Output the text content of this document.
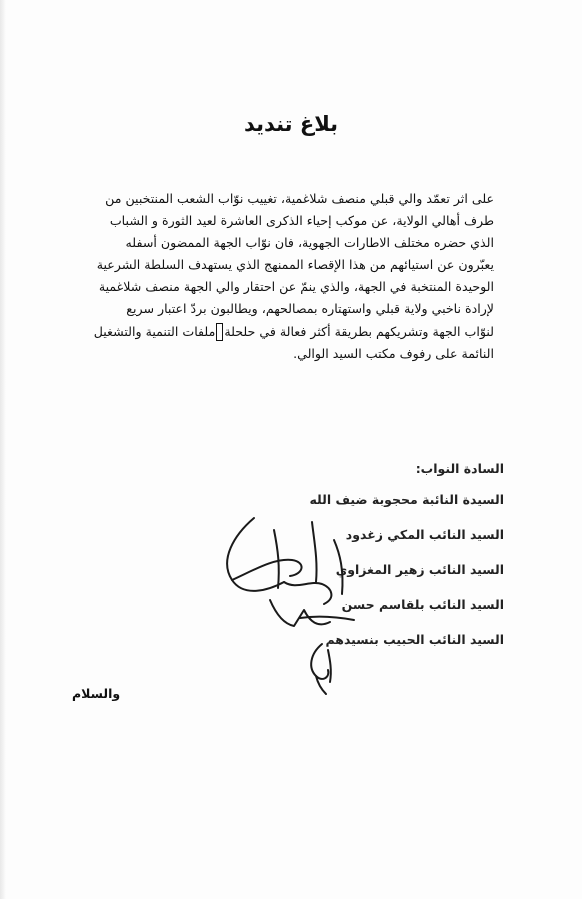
بلاغ تنديد
على اثر تعمّد والي قبلي منصف شلاغمية، تغييب نوّاب الشعب المنتخبين من
طرف أهالي الولاية، عن موكب إحياء الذكرى العاشرة لعيد الثورة و الشباب
الذي حضره مختلف الاطارات الجهوية، فان نوّاب الجهة الممضون أسفله
يعبّرون عن استيائهم من هذا الإقصاء الممنهج الذي يستهدف السلطة الشرعية
الوحيدة المنتخبة في الجهة، والذي ينمّ عن احتقار والي الجهة منصف شلاغمية
لإرادة ناخبي ولاية قبلي واستهتاره بمصالحهم، ويطالبون بردّ اعتبار سريع
لنوّاب الجهة وتشريكهم بطريقة أكثر فعالة في حلحلةملفات التنمية والتشغيل
النائمة على رفوف مكتب السيد الوالي.
السادة النواب:
السيدة النائبة محجوبة ضيف الله
السيد النائب المكي زغدود
السيد النائب زهير المغزاوي
السيد النائب بلقاسم حسن
السيد النائب الحبيب بنسيدهم
والسلام
